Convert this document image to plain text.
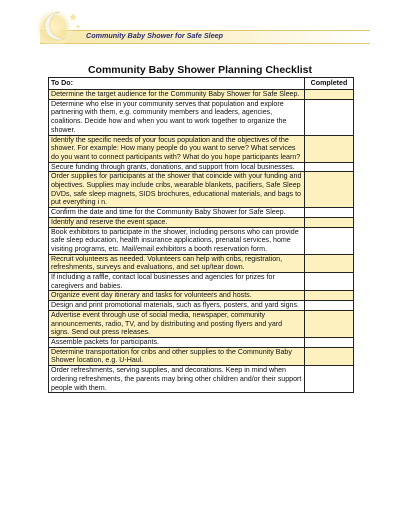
Community Baby Shower for Safe Sleep
Community Baby Shower Planning Checklist
To Do:	Completed
Determine the target audience for the Community Baby Shower for Safe Sleep.	
Determine who else in your community serves that population and explore partnering with them, e.g. community members and leaders, agencies, coalitions. Decide how and when you want to work together to organize the shower.	
Identify the specific needs of your focus population and the objectives of the shower. For example: How many people do you want to serve? What services do you want to connect participants with? What do you hope participants learn?	
Secure funding through grants, donations, and support from local businesses.	
Order supplies for participants at the shower that coincide with your funding and objectives. Supplies may include cribs, wearable blankets, pacifiers, Safe Sleep DVDs, safe sleep magnets, SIDS brochures, educational materials, and bags to put everything i n.	
Confirm the date and time for the Community Baby Shower for Safe Sleep.	
Identify and reserve the event space.	
Book exhibitors to participate in the shower, including persons who can provide safe sleep education, health insurance applications, prenatal services, home visiting programs, etc. Mail/email exhibitors a booth reservation form.	
Recruit volunteers as needed. Volunteers can help with cribs, registration, refreshments, surveys and evaluations, and set up/tear down.	
If including a raffle, contact local businesses and agencies for prizes for caregivers and babies.	
Organize event day itinerary and tasks for volunteers and hosts.	
Design and print promotional materials, such as flyers, posters, and yard signs.	
Advertise event through use of social media, newspaper, community announcements, radio, TV, and by distributing and posting flyers and yard signs. Send out press releases.	
Assemble packets for participants.	
Determine transportation for cribs and other supplies to the Community Baby Shower location, e.g. U-Haul.	
Order refreshments, serving supplies, and decorations. Keep in mind when ordering refreshments, the parents may bring other children and/or their support people with them.	
